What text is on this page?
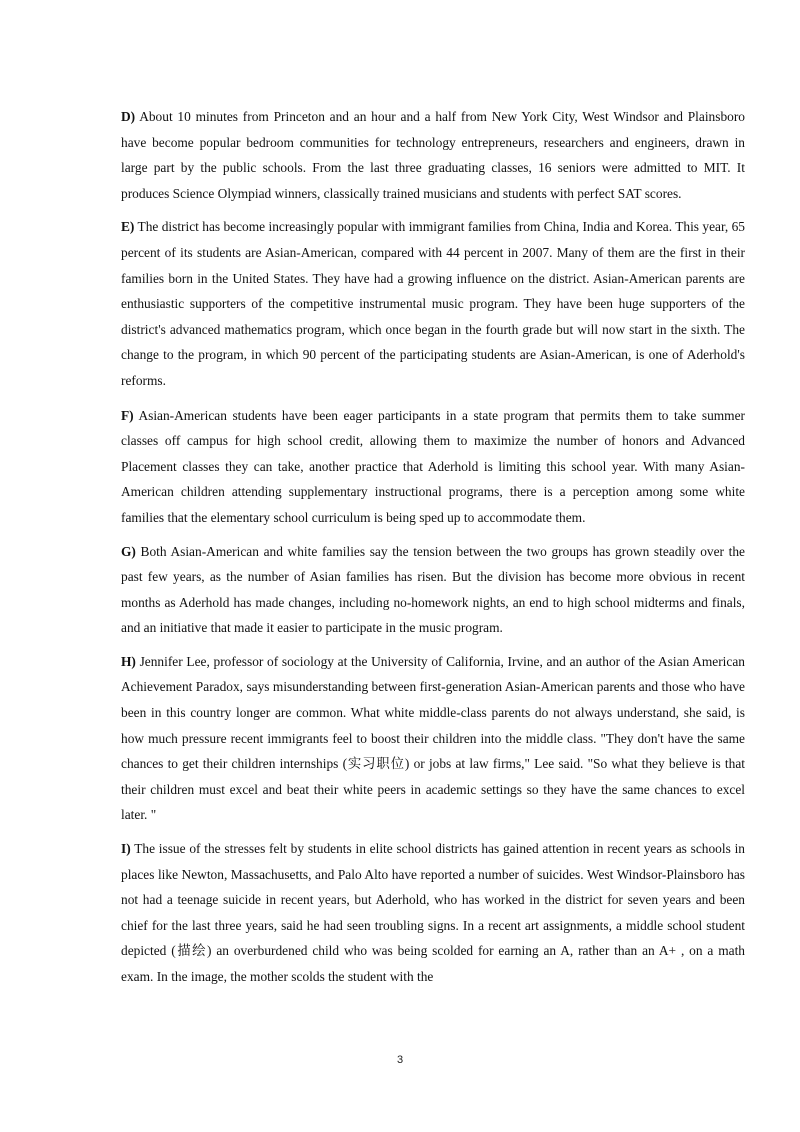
D) About 10 minutes from Princeton and an hour and a half from New York City, West Windsor and Plainsboro have become popular bedroom communities for technology entrepreneurs, researchers and engineers, drawn in large part by the public schools. From the last three graduating classes, 16 seniors were admitted to MIT. It produces Science Olympiad winners, classically trained musicians and students with perfect SAT scores.

E) The district has become increasingly popular with immigrant families from China, India and Korea. This year, 65 percent of its students are Asian-American, compared with 44 percent in 2007. Many of them are the first in their families born in the United States. They have had a growing influence on the district. Asian-American parents are enthusiastic supporters of the competitive instrumental music program. They have been huge supporters of the district's advanced mathematics program, which once began in the fourth grade but will now start in the sixth. The change to the program, in which 90 percent of the participating students are Asian-American, is one of Aderhold's reforms.

F) Asian-American students have been eager participants in a state program that permits them to take summer classes off campus for high school credit, allowing them to maximize the number of honors and Advanced Placement classes they can take, another practice that Aderhold is limiting this school year. With many Asian-American children attending supplementary instructional programs, there is a perception among some white families that the elementary school curriculum is being sped up to accommodate them.

G) Both Asian-American and white families say the tension between the two groups has grown steadily over the past few years, as the number of Asian families has risen. But the division has become more obvious in recent months as Aderhold has made changes, including no-homework nights, an end to high school midterms and finals, and an initiative that made it easier to participate in the music program.

H) Jennifer Lee, professor of sociology at the University of California, Irvine, and an author of the Asian American Achievement Paradox, says misunderstanding between first-generation Asian-American parents and those who have been in this country longer are common. What white middle-class parents do not always understand, she said, is how much pressure recent immigrants feel to boost their children into the middle class. "They don't have the same chances to get their children internships (实习职位) or jobs at law firms," Lee said. "So what they believe is that their children must excel and beat their white peers in academic settings so they have the same chances to excel later. "

I) The issue of the stresses felt by students in elite school districts has gained attention in recent years as schools in places like Newton, Massachusetts, and Palo Alto have reported a number of suicides. West Windsor-Plainsboro has not had a teenage suicide in recent years, but Aderhold, who has worked in the district for seven years and been chief for the last three years, said he had seen troubling signs. In a recent art assignments, a middle school student depicted (描绘) an overburdened child who was being scolded for earning an A, rather than an A+ , on a math exam. In the image, the mother scolds the student with the

3
